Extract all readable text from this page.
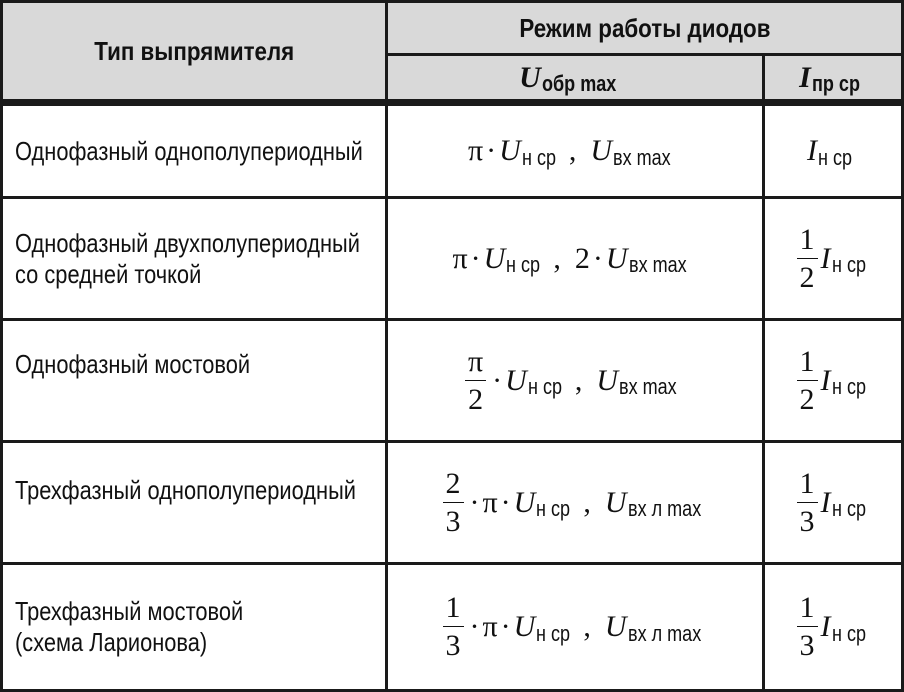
Тип выпрямителя
Режим работы диодов
U обр max	I пр ср
Однофазный однополупериодный	π · U н ср , U вх max	I н ср
Однофазный двухполупериодный
со средней точкой	π · U н ср , 2 · U вх max	$\frac{1}{2}$ I н ср
Однофазный мостовой	$\frac{\pi}{2} \cdot U$ н ср , U вх max	$\frac{1}{2}$ I н ср
Трехфазный однополупериодный	$\frac{2}{3} \cdot \pi \cdot U$ н ср , U вх л max	$\frac{1}{3}$ I н ср
Трехфазный мостовой
(схема Ларионова)	$\frac{1}{3} \cdot \pi \cdot U$ н ср , U вх л max	$\frac{1}{3}$ I н ср
